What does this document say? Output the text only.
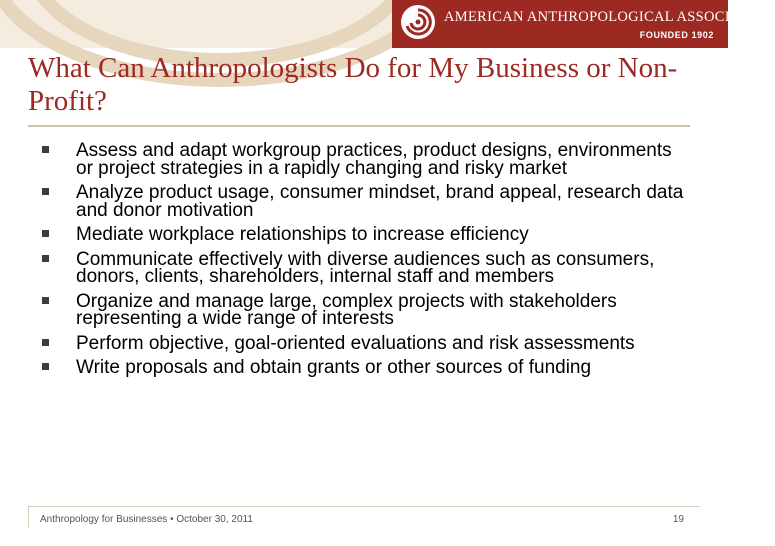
AMERICAN ANTHROPOLOGICAL ASSOCIATION
FOUNDED 1902
What Can Anthropologists Do for My Business or Non-Profit?
Assess and adapt workgroup practices, product designs, environments or project strategies in a rapidly changing and risky market
Analyze product usage, consumer mindset, brand appeal, research data and donor motivation
Mediate workplace relationships to increase efficiency
Communicate effectively with diverse audiences such as consumers, donors, clients, shareholders, internal staff and members
Organize and manage large, complex projects with stakeholders representing a wide range of interests
Perform objective, goal-oriented evaluations and risk assessments
Write proposals and obtain grants or other sources of funding
Anthropology for Businesses • October 30, 2011	19
